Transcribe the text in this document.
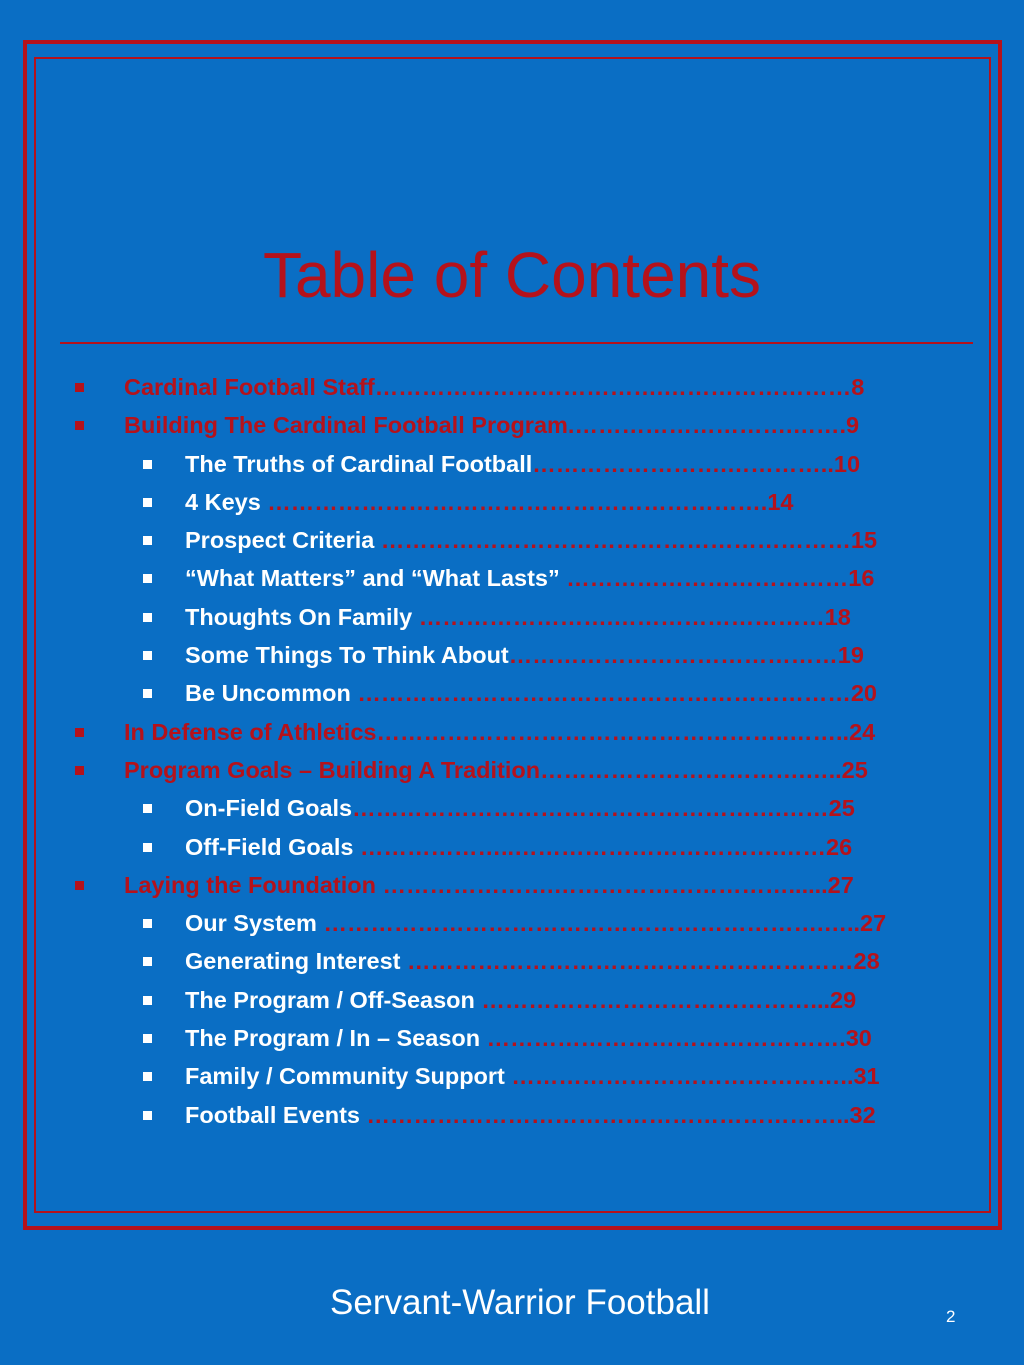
Table of Contents
Cardinal Football Staff……………………………….……………………8
Building The Cardinal Football Program.……………………….…….9
The Truths of Cardinal Football…………………….…………..10
4 Keys ……………………………………………………….14
Prospect Criteria ……………………………………………………15
“What Matters” and “What Lasts” ………………………………16
Thoughts On Family …………………….………………………18
Some Things To Think About……………………………………19
Be Uncommon ………………………………………………………20
In Defense of Athletics……………………………………………..……..24
Program Goals – Building A Tradition…………………………….…..25
On-Field Goals……………………………………………….……25
Off-Field Goals ………………..…………………………….……26
Laying the Foundation ………………….…………………………......27
Our System ……………………………………………………….…..27
Generating Interest …………………………………………………28
The Program / Off-Season ……………………………………...29
The Program / In – Season ……………………………………….30
Family / Community Support ……………………………………..31
Football Events ……………………………………………………..32
Servant-Warrior Football	2
